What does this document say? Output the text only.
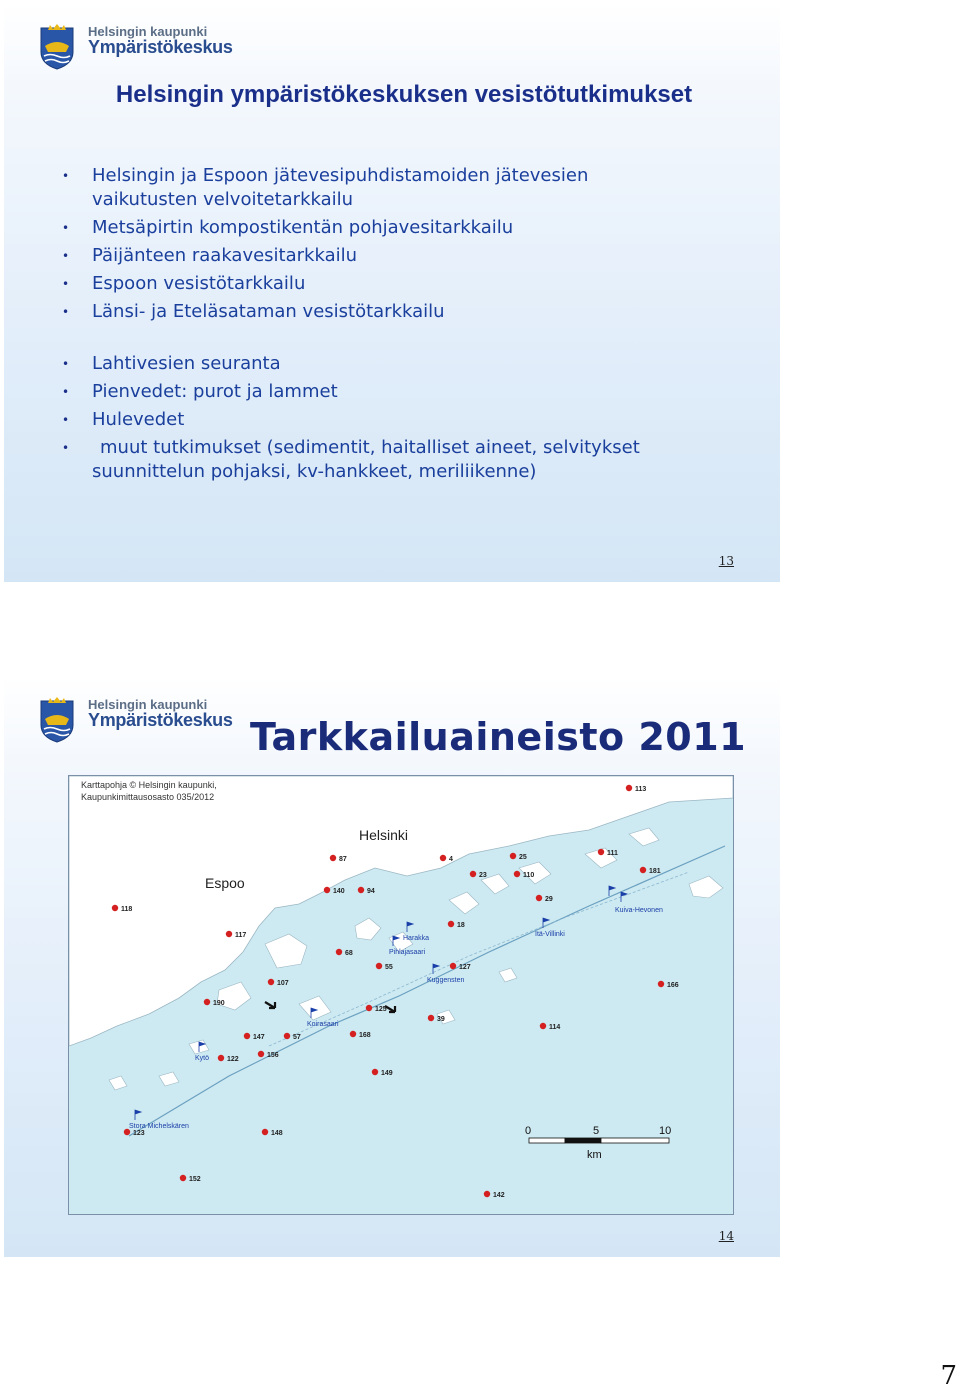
Helsingin kaupunki
Ympäristökeskus
Helsingin ympäristökeskuksen vesistötutkimukset
• Helsingin ja Espoon jätevesipuhdistamoiden jätevesien
vaikutusten velvoitetarkkailu
• Metsäpirtin kompostikentän pohjavesitarkkailu
• Päijänteen raakavesitarkkailu
• Espoon vesistötarkkailu
• Länsi- ja Eteläsataman vesistötarkkailu
• Lahtivesien seuranta
• Pienvedet: purot ja lammet
• Hulevedet
• muut tutkimukset (sedimentit, haitalliset aineet, selvitykset
suunnittelun pohjaksi, kv-hankkeet, meriliikenne)
13
Helsingin kaupunki
Ympäristökeskus Tarkkailuaineisto 2011
Karttapohja © Helsingin kaupunki,
Kaupunkimittausosasto 035/2012
Helsinki
Espoo
Harakka
Pihlajasaari
Kuggensten
Koirasaari
Kytö
Stora Michelskären
Kuiva-Hevonen
Itä-Villinki
113
87	4	25
111
181
23	110
140	94
118
29
18
117
68
55	127
166
107
190
125
39
114
147	57	168
156
122
149
123	148
152
142
0	5	10
km
14
7
